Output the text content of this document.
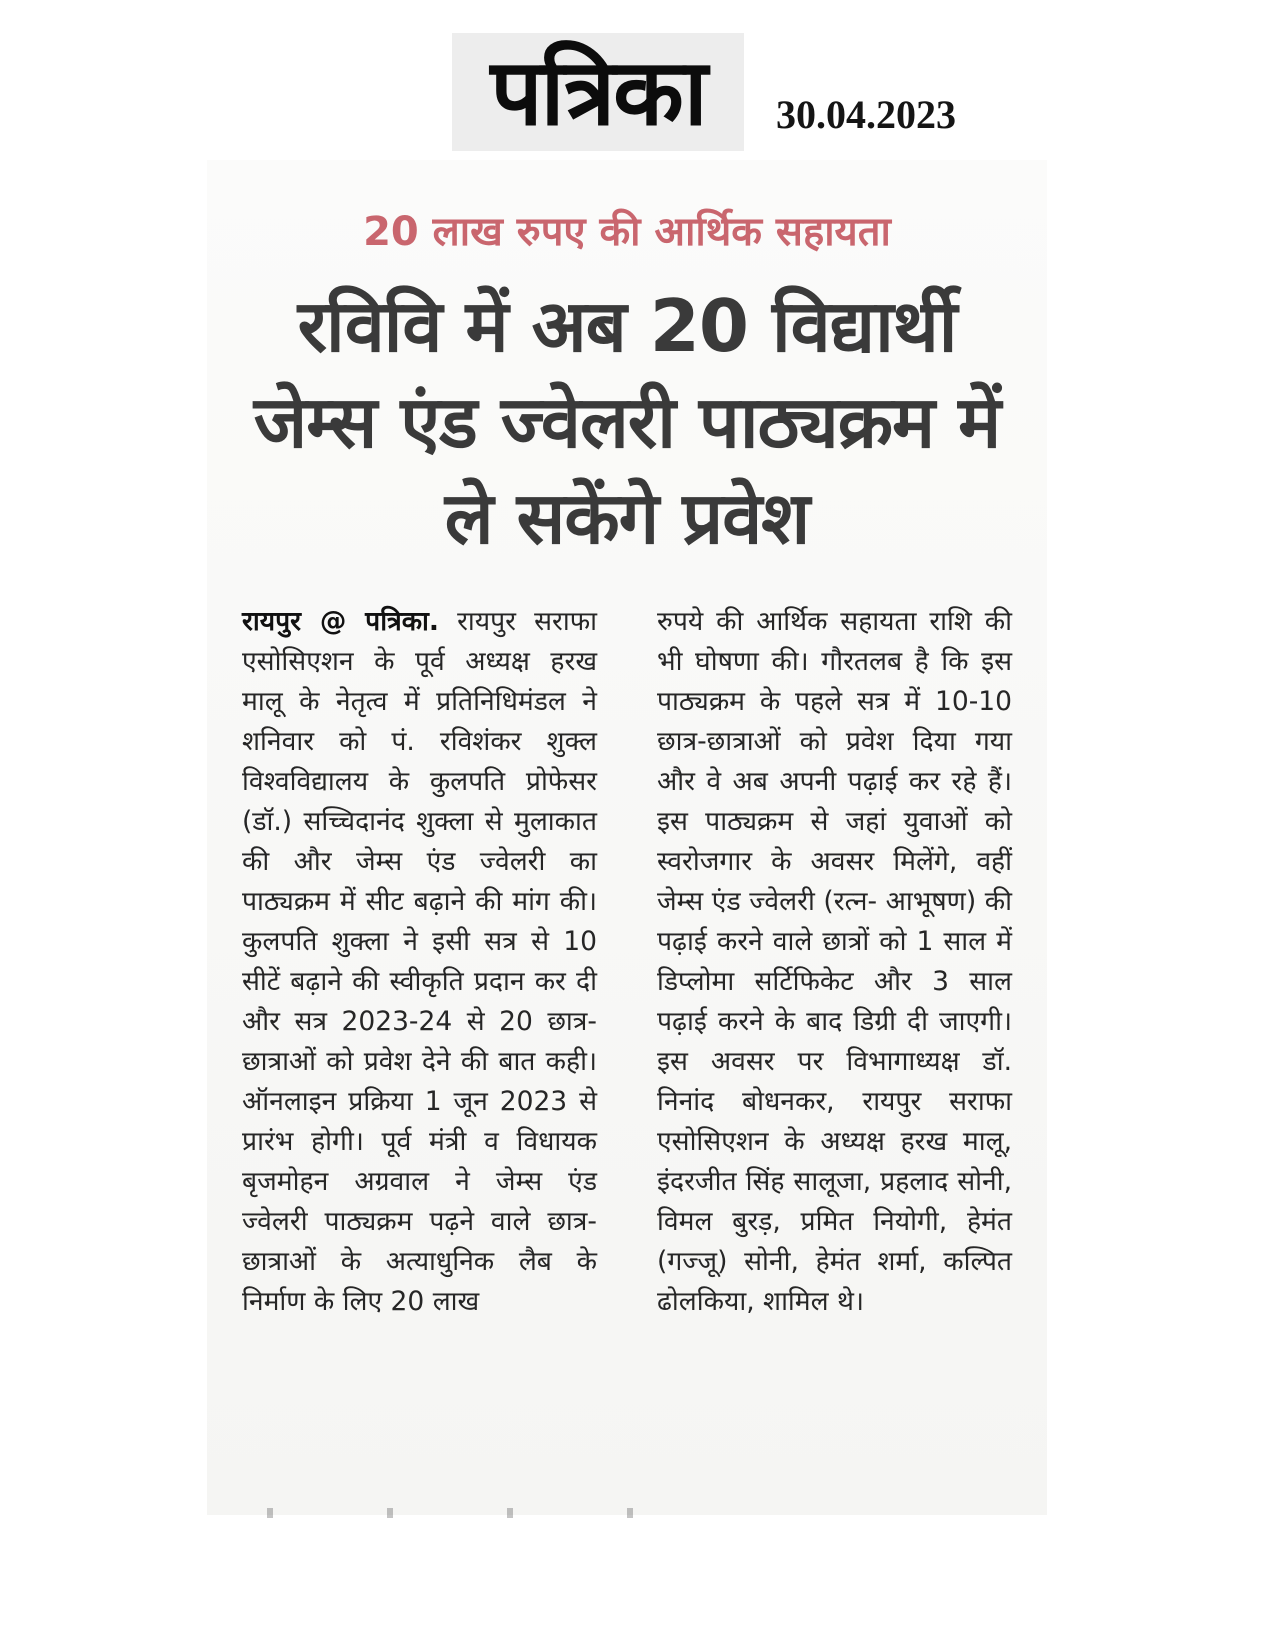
पत्रिका 30.04.2023
20 लाख रुपए की आर्थिक सहायता
रविवि में अब 20 विद्यार्थी जेम्स एंड ज्वेलरी पाठ्यक्रम में ले सकेंगे प्रवेश
रायपुर @ पत्रिका. रायपुर सराफा एसोसिएशन के पूर्व अध्यक्ष हरख मालू के नेतृत्व में प्रतिनिधिमंडल ने शनिवार को पं. रविशंकर शुक्ल विश्वविद्यालय के कुलपति प्रोफेसर (डॉ.) सच्चिदानंद शुक्ला से मुलाकात की और जेम्स एंड ज्वेलरी का पाठ्यक्रम में सीट बढ़ाने की मांग की। कुलपति शुक्ला ने इसी सत्र से 10 सीटें बढ़ाने की स्वीकृति प्रदान कर दी और सत्र 2023-24 से 20 छात्र-छात्राओं को प्रवेश देने की बात कही। ऑनलाइन प्रक्रिया 1 जून 2023 से प्रारंभ होगी। पूर्व मंत्री व विधायक बृजमोहन अग्रवाल ने जेम्स एंड ज्वेलरी पाठ्यक्रम पढ़ने वाले छात्र-छात्राओं के अत्याधुनिक लैब के निर्माण के लिए 20 लाख
रुपये की आर्थिक सहायता राशि की भी घोषणा की। गौरतलब है कि इस पाठ्यक्रम के पहले सत्र में 10-10 छात्र-छात्राओं को प्रवेश दिया गया और वे अब अपनी पढ़ाई कर रहे हैं। इस पाठ्यक्रम से जहां युवाओं को स्वरोजगार के अवसर मिलेंगे, वहीं जेम्स एंड ज्वेलरी (रत्न- आभूषण) की पढ़ाई करने वाले छात्रों को 1 साल में डिप्लोमा सर्टिफिकेट और 3 साल पढ़ाई करने के बाद डिग्री दी जाएगी। इस अवसर पर विभागाध्यक्ष डॉ. निनांद बोधनकर, रायपुर सराफा एसोसिएशन के अध्यक्ष हरख मालू, इंदरजीत सिंह सालूजा, प्रहलाद सोनी, विमल बुरड़, प्रमित नियोगी, हेमंत (गज्जू) सोनी, हेमंत शर्मा, कल्पित ढोलकिया, शामिल थे।
